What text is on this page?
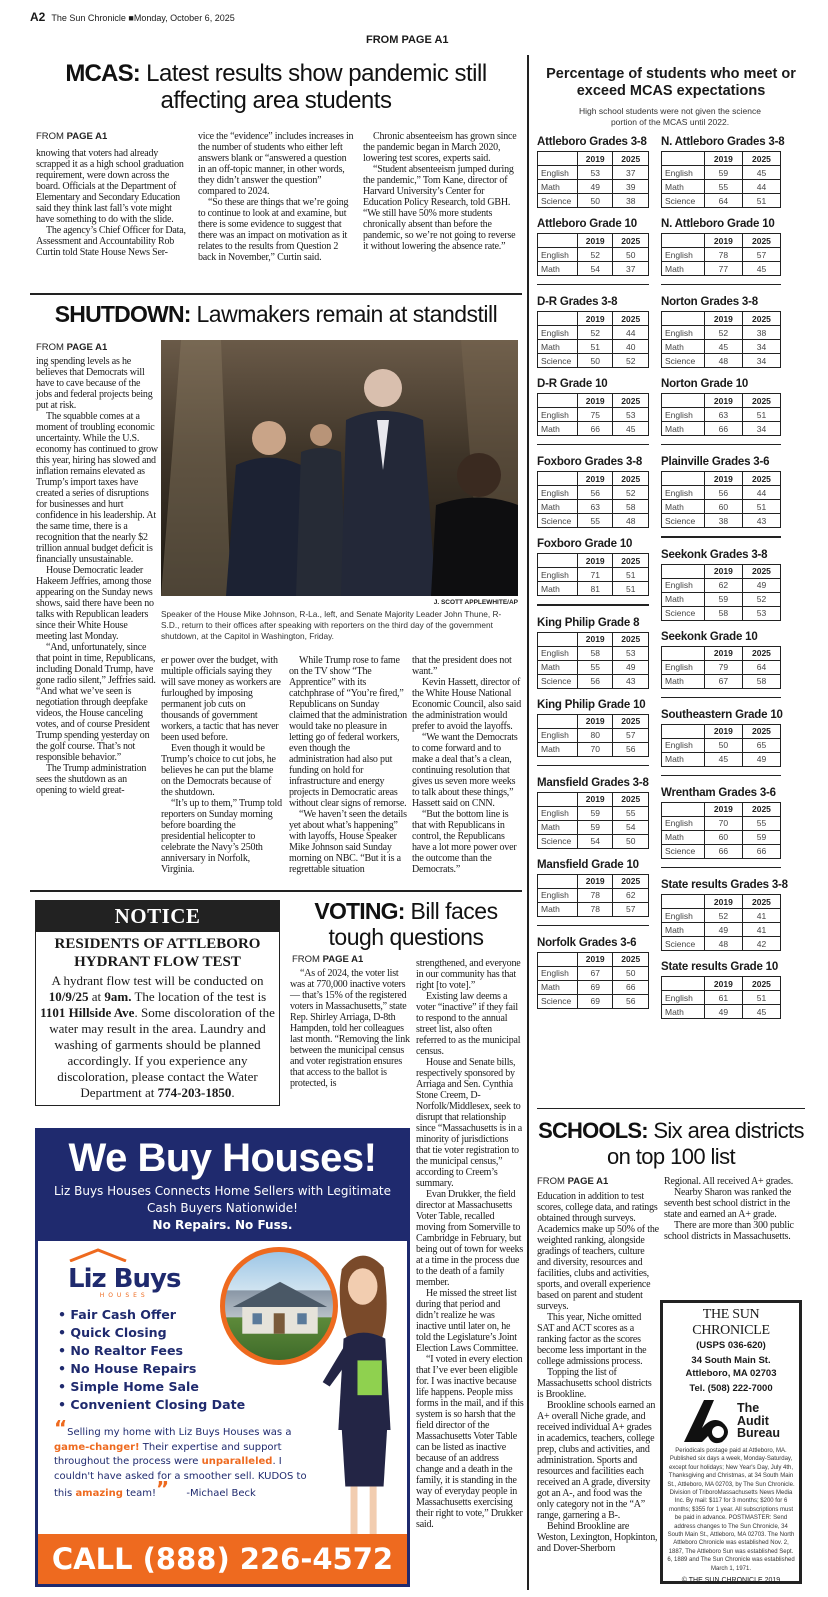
A2 The Sun Chronicle ■Monday, October 6, 2025
FROM PAGE A1
MCAS: Latest results show pandemic still affecting area students
FROM PAGE A1

knowing that voters had already scrapped it as a high school graduation requirement, were down across the board. Officials at the Department of Elementary and Secondary Education said they think last fall’s vote might have something to do with the slide.

The agency’s Chief Officer for Data, Assessment and Accountability Rob Curtin told State House News Ser-

vice the “evidence” includes increases in the number of students who either left answers blank or “answered a question in an off-topic manner, in other words, they didn’t answer the question” compared to 2024.

“So these are things that we’re going to continue to look at and examine, but there is some evidence to suggest that there was an impact on motivation as it relates to the results from Question 2 back in November,” Curtin said.

Chronic absenteeism has grown since the pandemic began in March 2020, lowering test scores, experts said.

“Student absenteeism jumped during the pandemic,” Tom Kane, director of Harvard University’s Center for Education Policy Research, told GBH. “We still have 50% more students chronically absent than before the pandemic, so we’re not going to reverse it without lowering the absence rate.”

SHUTDOWN: Lawmakers remain at standstill
FROM PAGE A1

ing spending levels as he believes that Democrats will have to cave because of the jobs and federal projects being put at risk.

The squabble comes at a moment of troubling economic uncertainty. While the U.S. economy has continued to grow this year, hiring has slowed and inflation remains elevated as Trump’s import taxes have created a series of disruptions for businesses and hurt confidence in his leadership. At the same time, there is a recognition that the nearly $2 trillion annual budget deficit is financially unsustainable.

House Democratic leader Hakeem Jeffries, among those appearing on the Sunday news shows, said there have been no talks with Republican leaders since their White House meeting last Monday.

“And, unfortunately, since that point in time, Republicans, including Donald Trump, have gone radio silent,” Jeffries said. “And what we’ve seen is negotiation through deepfake videos, the House canceling votes, and of course President Trump spending yesterday on the golf course. That’s not responsible behavior.”

The Trump administration sees the shutdown as an opening to wield great-

J. SCOTT APPLEWHITE/AP
Speaker of the House Mike Johnson, R-La., left, and Senate Majority Leader John Thune, R-S.D., return to their offices after speaking with reporters on the third day of the government shutdown, at the Capitol in Washington, Friday.

er power over the budget, with multiple officials saying they will save money as workers are furloughed by imposing permanent job cuts on thousands of government workers, a tactic that has never been used before.

Even though it would be Trump’s choice to cut jobs, he believes he can put the blame on the Democrats because of the shutdown.

“It’s up to them,” Trump told reporters on Sunday morning before boarding the presidential helicopter to celebrate the Navy’s 250th anniversary in Norfolk, Virginia.

While Trump rose to fame on the TV show “The Apprentice” with its catchphrase of “You’re fired,” Republicans on Sunday claimed that the administration would take no pleasure in letting go of federal workers, even though the administration had also put funding on hold for infrastructure and energy projects in Democratic areas without clear signs of remorse.

“We haven’t seen the details yet about what’s happening” with layoffs, House Speaker Mike Johnson said Sunday morning on NBC. “But it is a regrettable situation

that the president does not want.”

Kevin Hassett, director of the White House National Economic Council, also said the administration would prefer to avoid the layoffs.

“We want the Democrats to come forward and to make a deal that’s a clean, continuing resolution that gives us seven more weeks to talk about these things,” Hassett said on CNN.

“But the bottom line is that with Republicans in control, the Republicans have a lot more power over the outcome than the Democrats.”

NOTICE
RESIDENTS OF ATTLEBORO
HYDRANT FLOW TEST
A hydrant flow test will be conducted on 10/9/25 at 9am. The location of the test is 1101 Hillside Ave. Some discoloration of the water may result in the area. Laundry and washing of garments should be planned accordingly. If you experience any discoloration, please contact the Water Department at 774-203-1850.
VOTING: Bill faces tough questions
FROM PAGE A1

“As of 2024, the voter list was at 770,000 inactive voters — that’s 15% of the registered voters in Massachusetts,” state Rep. Shirley Arriaga, D-8th Hampden, told her colleagues last month. “Removing the link between the municipal census and voter registration ensures that access to the ballot is protected, is

strengthened, and everyone in our community has that right [to vote].”

Existing law deems a voter “inactive” if they fail to respond to the annual street list, also often referred to as the municipal census.

House and Senate bills, respectively sponsored by Arriaga and Sen. Cynthia Stone Creem, D-Norfolk/Middlesex, seek to disrupt that relationship since “Massachusetts is in a minority of jurisdictions that tie voter registration to the municipal census,” according to Creem’s summary.

Evan Drukker, the field director at Massachusetts Voter Table, recalled moving from Somerville to Cambridge in February, but being out of town for weeks at a time in the process due to the death of a family member.

He missed the street list during that period and didn’t realize he was inactive until later on, he told the Legislature’s Joint Election Laws Committee.

“I voted in every election that I’ve ever been eligible for. I was inactive because life happens. People miss forms in the mail, and if this system is so harsh that the field director of the Massachusetts Voter Table can be listed as inactive because of an address change and a death in the family, it is standing in the way of everyday people in Massachusetts exercising their right to vote,” Drukker said.

We Buy Houses!
Liz Buys Houses Connects Home Sellers with Legitimate Cash Buyers Nationwide!
No Repairs. No Fuss.
Liz Buys
HOUSES
• Fair Cash Offer
• Quick Closing
• No Realtor Fees
• No House Repairs
• Simple Home Sale
• Convenient Closing Date
“Selling my home with Liz Buys Houses was a game-changer! Their expertise and support throughout the process were unparalleled. I couldn't have asked for a smoother sell. KUDOS to this amazing team!” -Michael Beck
CALL (888) 226-4572
Percentage of students who meet or exceed MCAS expectations
High school students were not given the science portion of the MCAS until 2022.
Attleboro Grades 3-8
	2019	2025
English	53	37
Math	49	39
Science	50	38
Attleboro Grade 10
	2019	2025
English	52	50
Math	54	37
D-R Grades 3-8
	2019	2025
English	52	44
Math	51	40
Science	50	52
D-R Grade 10
	2019	2025
English	75	53
Math	66	45
Foxboro Grades 3-8
	2019	2025
English	56	52
Math	63	58
Science	55	48
Foxboro Grade 10
	2019	2025
English	71	51
Math	81	51
King Philip Grade 8
	2019	2025
English	58	53
Math	55	49
Science	56	43
King Philip Grade 10
	2019	2025
English	80	57
Math	70	56
Mansfield Grades 3-8
	2019	2025
English	59	55
Math	59	54
Science	54	50
Mansfield Grade 10
	2019	2025
English	78	62
Math	78	57
Norfolk Grades 3-6
	2019	2025
English	67	50
Math	69	66
Science	69	56
N. Attleboro Grades 3-8
	2019	2025
English	59	45
Math	55	44
Science	64	51
N. Attleboro Grade 10
	2019	2025
English	78	57
Math	77	45
Norton Grades 3-8
	2019	2025
English	52	38
Math	45	34
Science	48	34
Norton Grade 10
	2019	2025
English	63	51
Math	66	34
Plainville Grades 3-6
	2019	2025
English	56	44
Math	60	51
Science	38	43
Seekonk Grades 3-8
	2019	2025
English	62	49
Math	59	52
Science	58	53
Seekonk Grade 10
	2019	2025
English	79	64
Math	67	58
Southeastern Grade 10
	2019	2025
English	50	65
Math	45	49
Wrentham Grades 3-6
	2019	2025
English	70	55
Math	60	59
Science	66	66
State results Grades 3-8
	2019	2025
English	52	41
Math	49	41
Science	48	42
State results Grade 10
	2019	2025
English	61	51
Math	49	45
SCHOOLS: Six area districts on top 100 list
FROM PAGE A1

Education in addition to test scores, college data, and ratings obtained through surveys. Academics make up 50% of the weighted ranking, alongside gradings of teachers, culture and diversity, resources and facilities, clubs and activities, sports, and overall experience based on parent and student surveys.

This year, Niche omitted SAT and ACT scores as a ranking factor as the scores become less important in the college admissions process.

Topping the list of Massachusetts school districts is Brookline.

Brookline schools earned an A+ overall Niche grade, and received individual A+ grades in academics, teachers, college prep, clubs and activities, and administration. Sports and resources and facilities each received an A grade, diversity got an A-, and food was the only category not in the “A” range, garnering a B-.

Behind Brookline are Weston, Lexington, Hopkinton, and Dover-Sherborn

Regional. All received A+ grades.

Nearby Sharon was ranked the seventh best school district in the state and earned an A+ grade.

There are more than 300 public school districts in Massachusetts.

THE SUN CHRONICLE
(USPS 036-620)
34 South Main St.
Attleboro, MA 02703
Tel. (508) 222-7000
The
Audit
Bureau
Periodicals postage paid at Attleboro, MA. Published six days a week, Monday-Saturday, except four holidays; New Year's Day, July 4th, Thanksgiving and Christmas, at 34 South Main St., Attleboro, MA 02703, by The Sun Chronicle. Division of TriboroMassachusetts News Media Inc. By mail: $117 for 3 months; $200 for 6 months; $355 for 1 year. All subscriptions must be paid in advance. POSTMASTER: Send address changes to The Sun Chronicle, 34 South Main St., Attleboro, MA 02703. The North Attleboro Chronicle was established Nov. 2, 1887, The Attleboro Sun was established Sept. 6, 1889 and The Sun Chronicle was established March 1, 1971.
© THE SUN CHRONICLE 2019
